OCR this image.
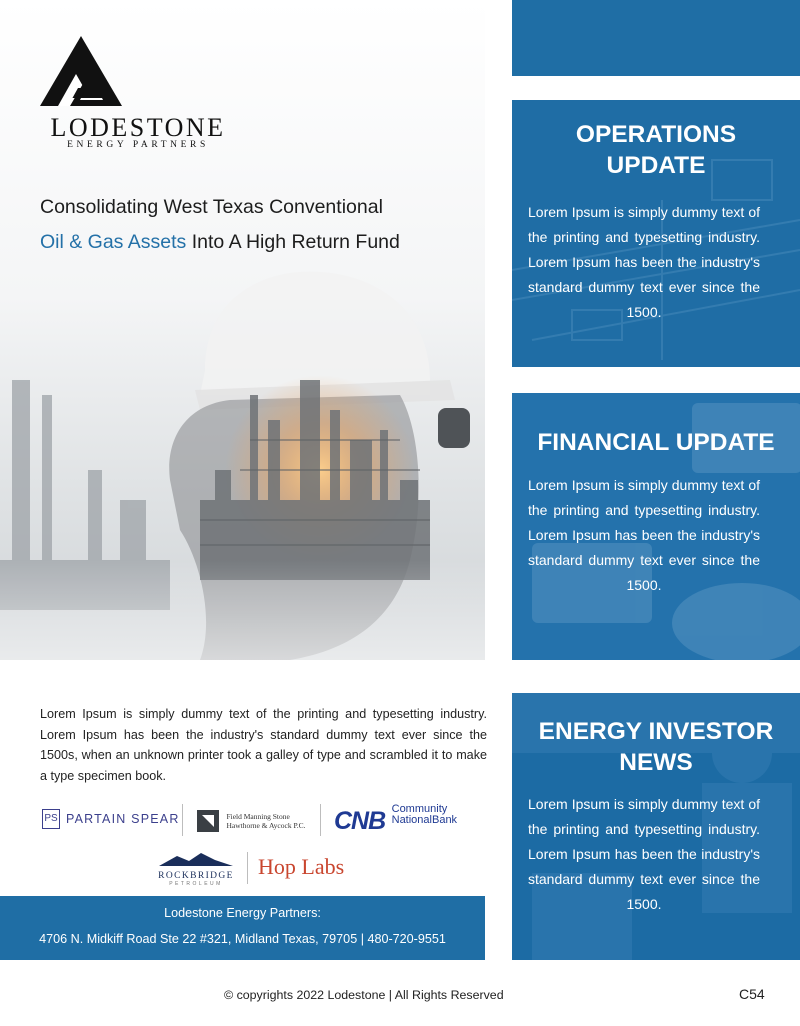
LODESTONE
ENERGY PARTNERS
Consolidating West Texas Conventional
Oil & Gas Assets Into A High Return Fund

Lorem Ipsum is simply dummy text of the printing and typesetting industry. Lorem Ipsum has been the industry's standard dummy text ever since the 1500s, when an unknown printer took a galley of type and scrambled it to make a type specimen book.

PS PARTAIN SPEAR
	Field Manning Stone
Hawthorne & Aycock P.C. CNB Community
NationalBank
ROCKBRIDGE
PETROLEUM
Hop Labs
Lodestone Energy Partners:
4706 N. Midkiff Road Ste 22 #321, Midland Texas, 79705 | 480-720-9551
© copyrights 2022 Lodestone | All Rights Reserved	C54
OPERATIONS
UPDATE

Lorem Ipsum is simply dummy text of the printing and typesetting industry. Lorem Ipsum has been the industry's standard dummy text ever since the 1500.

FINANCIAL UPDATE

Lorem Ipsum is simply dummy text of the printing and typesetting industry. Lorem Ipsum has been the industry's standard dummy text ever since the 1500.

ENERGY INVESTOR
NEWS

Lorem Ipsum is simply dummy text of the printing and typesetting industry. Lorem Ipsum has been the industry's standard dummy text ever since the 1500.
